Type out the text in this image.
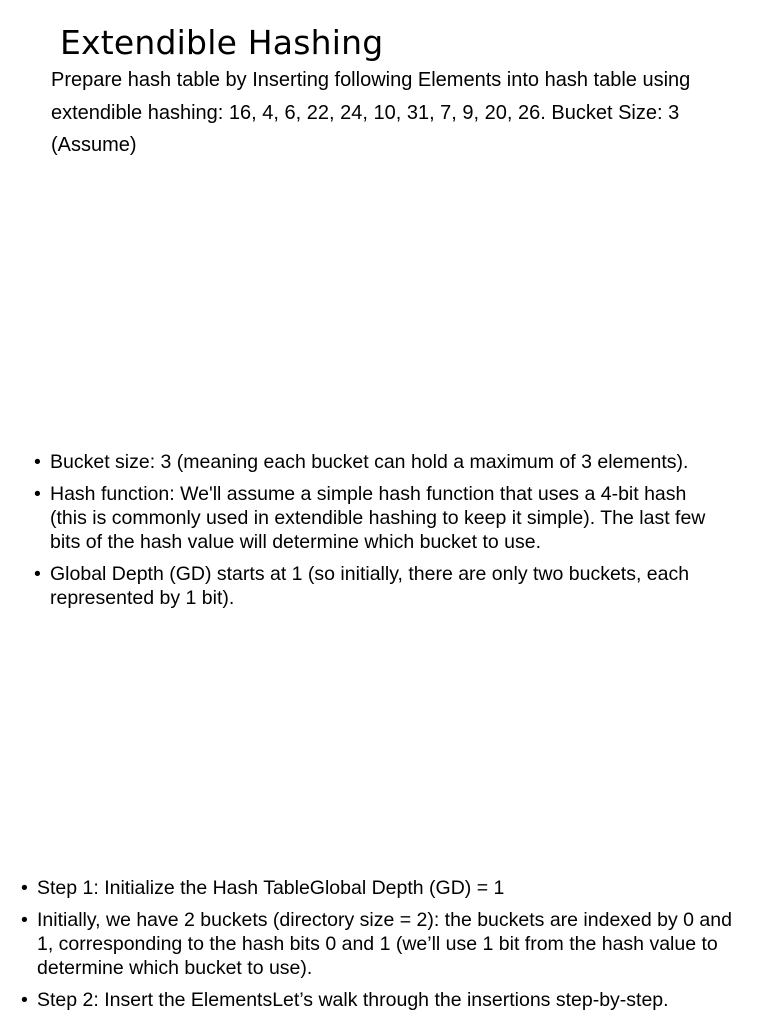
Extendible Hashing

Prepare hash table by Inserting following Elements into hash table using extendible hashing: 16, 4, 6, 22, 24, 10, 31, 7, 9, 20, 26. Bucket Size: 3 (Assume)

• Bucket size: 3 (meaning each bucket can hold a maximum of 3 elements).
• Hash function: We'll assume a simple hash function that uses a 4-bit hash (this is commonly used in extendible hashing to keep it simple). The last few bits of the hash value will determine which bucket to use.
• Global Depth (GD) starts at 1 (so initially, there are only two buckets, each represented by 1 bit).
• Step 1: Initialize the Hash TableGlobal Depth (GD) = 1
• Initially, we have 2 buckets (directory size = 2): the buckets are indexed by 0 and 1, corresponding to the hash bits 0 and 1 (we’ll use 1 bit from the hash value to determine which bucket to use).
• Step 2: Insert the ElementsLet’s walk through the insertions step-by-step.
